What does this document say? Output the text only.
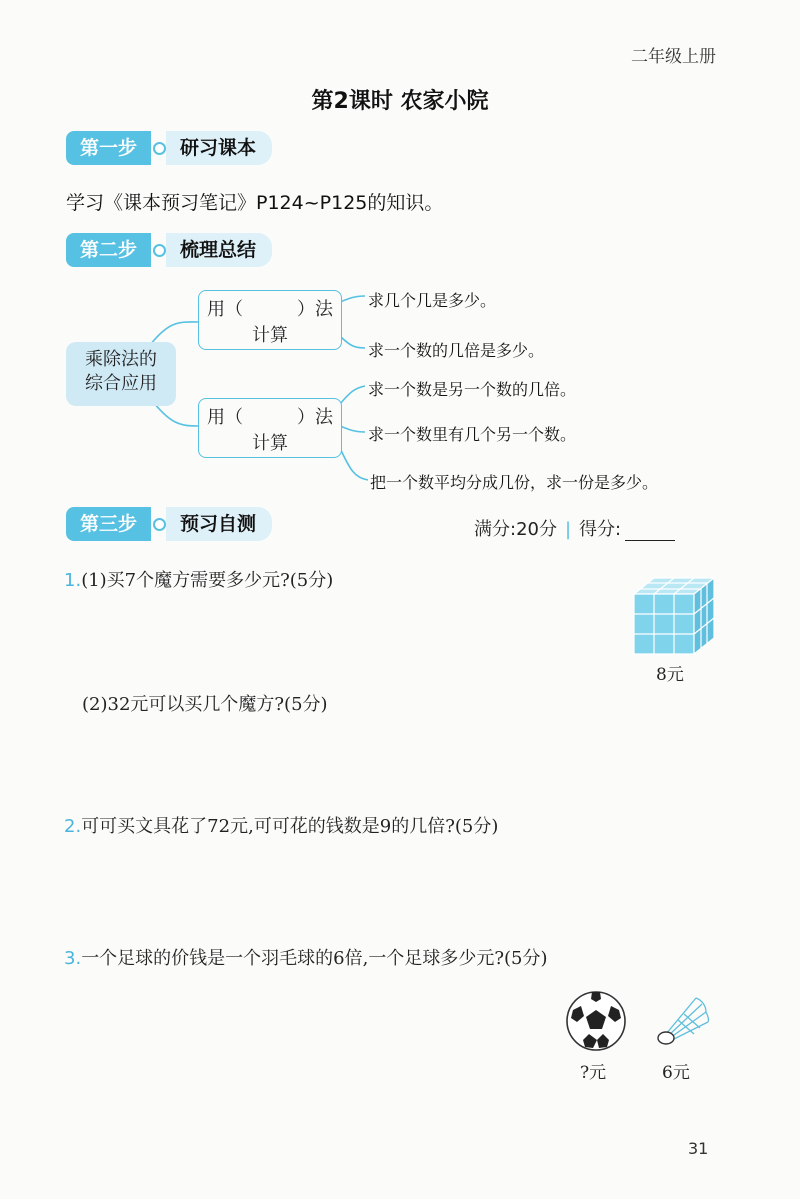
二年级上册
第2课时 农家小院
第一步	研习课本
学习《课本预习笔记》P124~P125的知识。
第二步	梳理总结
乘除法的
综合应用
用（	）法
计算
用（	）法
计算
求几个几是多少。
求一个数的几倍是多少。
求一个数是另一个数的几倍。
求一个数里有几个另一个数。
把一个数平均分成几份，求一份是多少。
第三步	预习自测	满分:20分 | 得分:
1.(1)买7个魔方需要多少元?(5分)
8元
(2)32元可以买几个魔方?(5分)
2.可可买文具花了72元,可可花的钱数是9的几倍?(5分)
3.一个足球的价钱是一个羽毛球的6倍,一个足球多少元?(5分)
?元	6元
31
